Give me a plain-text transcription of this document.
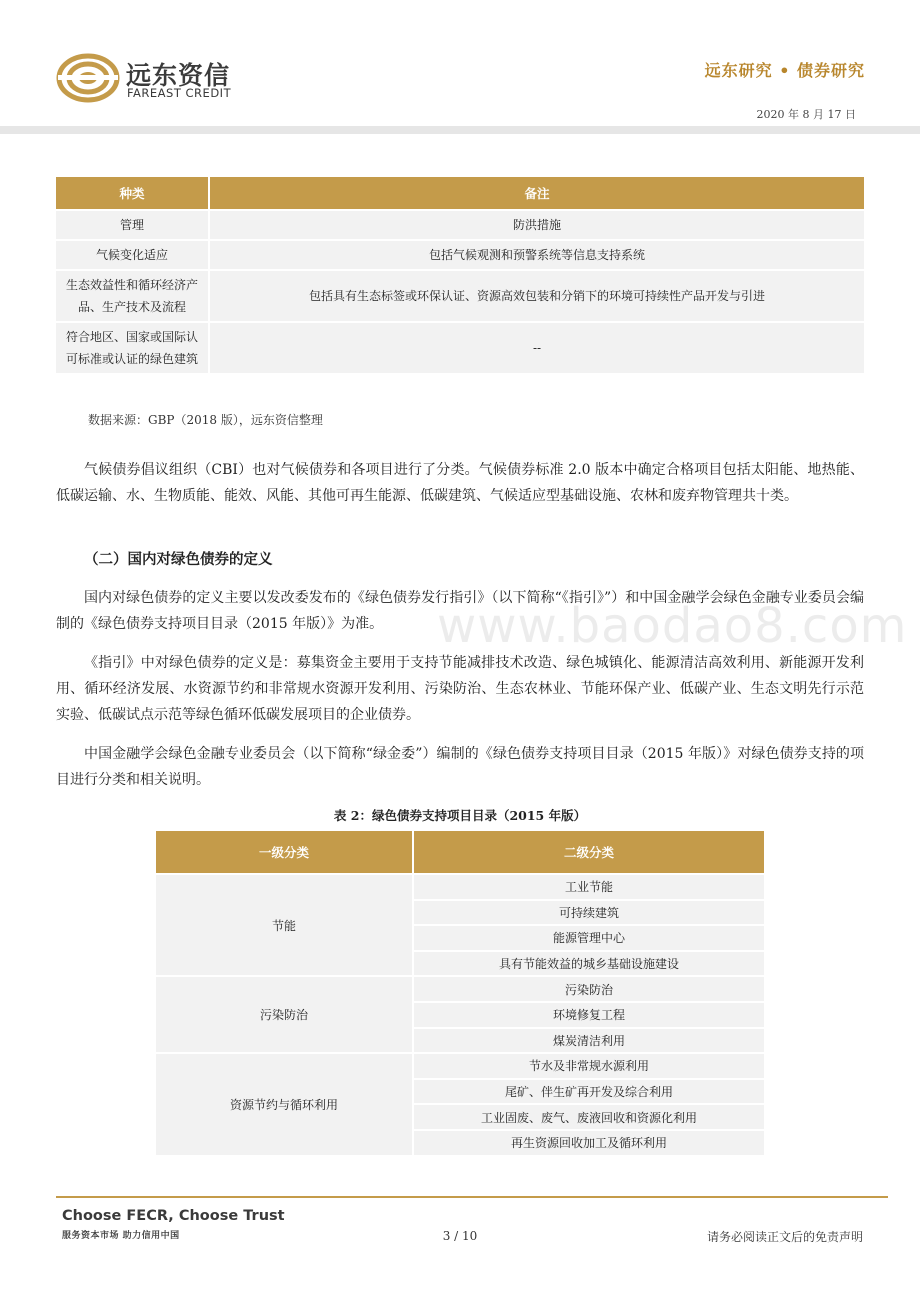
远东资信
FAREAST CREDIT
远东研究 • 债券研究
2020 年 8 月 17 日
www.baodao8.com
种类	备注
管理	防洪措施
气候变化适应	包括气候观测和预警系统等信息支持系统
生态效益性和循环经济产品、生产技术及流程	包括具有生态标签或环保认证、资源高效包装和分销下的环境可持续性产品开发与引进
符合地区、国家或国际认可标准或认证的绿色建筑	--
数据来源：GBP（2018 版），远东资信整理

气候债券倡议组织（CBI）也对气候债券和各项目进行了分类。气候债券标准 2.0 版本中确定合格项目包括太阳能、地热能、低碳运输、水、生物质能、能效、风能、其他可再生能源、低碳建筑、气候适应型基础设施、农林和废弃物管理共十类。

（二）国内对绿色债券的定义

国内对绿色债券的定义主要以发改委发布的《绿色债券发行指引》（以下简称“《指引》”）和中国金融学会绿色金融专业委员会编制的《绿色债券支持项目目录（2015 年版）》为准。

《指引》中对绿色债券的定义是：募集资金主要用于支持节能减排技术改造、绿色城镇化、能源清洁高效利用、新能源开发利用、循环经济发展、水资源节约和非常规水资源开发利用、污染防治、生态农林业、节能环保产业、低碳产业、生态文明先行示范实验、低碳试点示范等绿色循环低碳发展项目的企业债券。

中国金融学会绿色金融专业委员会（以下简称“绿金委”）编制的《绿色债券支持项目目录（2015 年版）》对绿色债券支持的项目进行分类和相关说明。

表 2：绿色债券支持项目目录（2015 年版）
一级分类	二级分类
节能	工业节能
	可持续建筑
	能源管理中心
	具有节能效益的城乡基础设施建设
污染防治	污染防治
	环境修复工程
	煤炭清洁利用
资源节约与循环利用	节水及非常规水源利用
	尾矿、伴生矿再开发及综合利用
	工业固废、废气、废液回收和资源化利用
	再生资源回收加工及循环利用
Choose FECR, Choose Trust
服务资本市场 助力信用中国	3 / 10	请务必阅读正文后的免责声明
